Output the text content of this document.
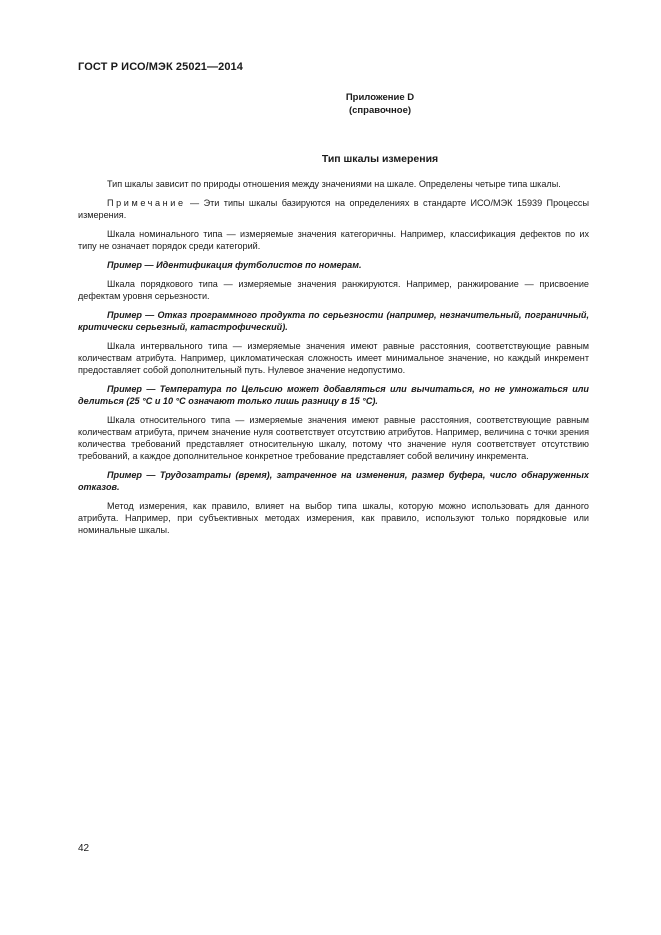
ГОСТ Р ИСО/МЭК 25021—2014
Приложение D
(справочное)
Тип шкалы измерения

Тип шкалы зависит по природы отношения между значениями на шкале. Определены четыре типа шкалы.

Примечание — Эти типы шкалы базируются на определениях в стандарте ИСО/МЭК 15939 Процессы измерения.

Шкала номинального типа — измеряемые значения категоричны. Например, классификация дефектов по их типу не означает порядок среди категорий.

Пример — Идентификация футболистов по номерам.

Шкала порядкового типа — измеряемые значения ранжируются. Например, ранжирование — присвоение дефектам уровня серьезности.

Пример — Отказ программного продукта по серьезности (например, незначительный, пограничный, критически серьезный, катастрофический).

Шкала интервального типа — измеряемые значения имеют равные расстояния, соответствующие равным количествам атрибута. Например, цикломатическая сложность имеет минимальное значение, но каждый инкремент предоставляет собой дополнительный путь. Нулевое значение недопустимо.

Пример — Температура по Цельсию может добавляться или вычитаться, но не умножаться или делиться (25 °С и 10 °С означают только лишь разницу в 15 °С).

Шкала относительного типа — измеряемые значения имеют равные расстояния, соответствующие равным количествам атрибута, причем значение нуля соответствует отсутствию атрибутов. Например, величина с точки зрения количества требований представляет относительную шкалу, потому что значение нуля соответствует отсутствию требований, а каждое дополнительное конкретное требование представляет собой величину инкремента.

Пример — Трудозатраты (время), затраченное на изменения, размер буфера, число обнаруженных отказов.

Метод измерения, как правило, влияет на выбор типа шкалы, которую можно использовать для данного атрибута. Например, при субъективных методах измерения, как правило, используют только порядковые или номинальные шкалы.

42
